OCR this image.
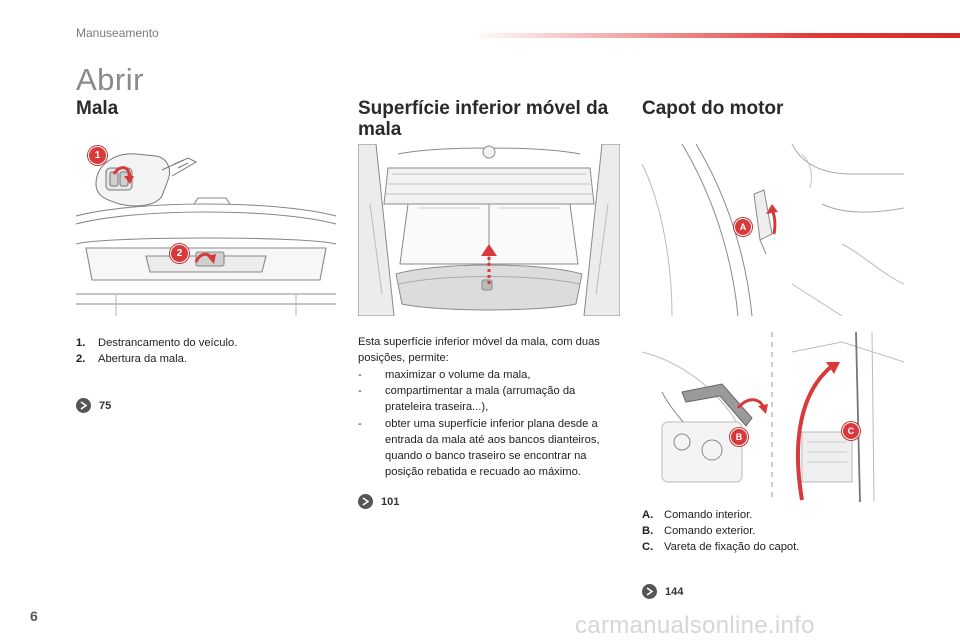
Manuseamento
Abrir
Mala
1
2
1. Destrancamento do veículo.
2. Abertura da mala.
75
Superfície inferior móvel da mala
Esta superfície inferior móvel da mala, com duas posições, permite:
- maximizar o volume da mala,
- compartimentar a mala (arrumação da prateleira traseira...),
- obter uma superfície inferior plana desde a entrada da mala até aos bancos dianteiros, quando o banco traseiro se encontrar na posição rebatida e recuado ao máximo.
101
Capot do motor
A
B
C
A. Comando interior.
B. Comando exterior.
C. Vareta de fixação do capot.
144
6	carmanualsonline.info
